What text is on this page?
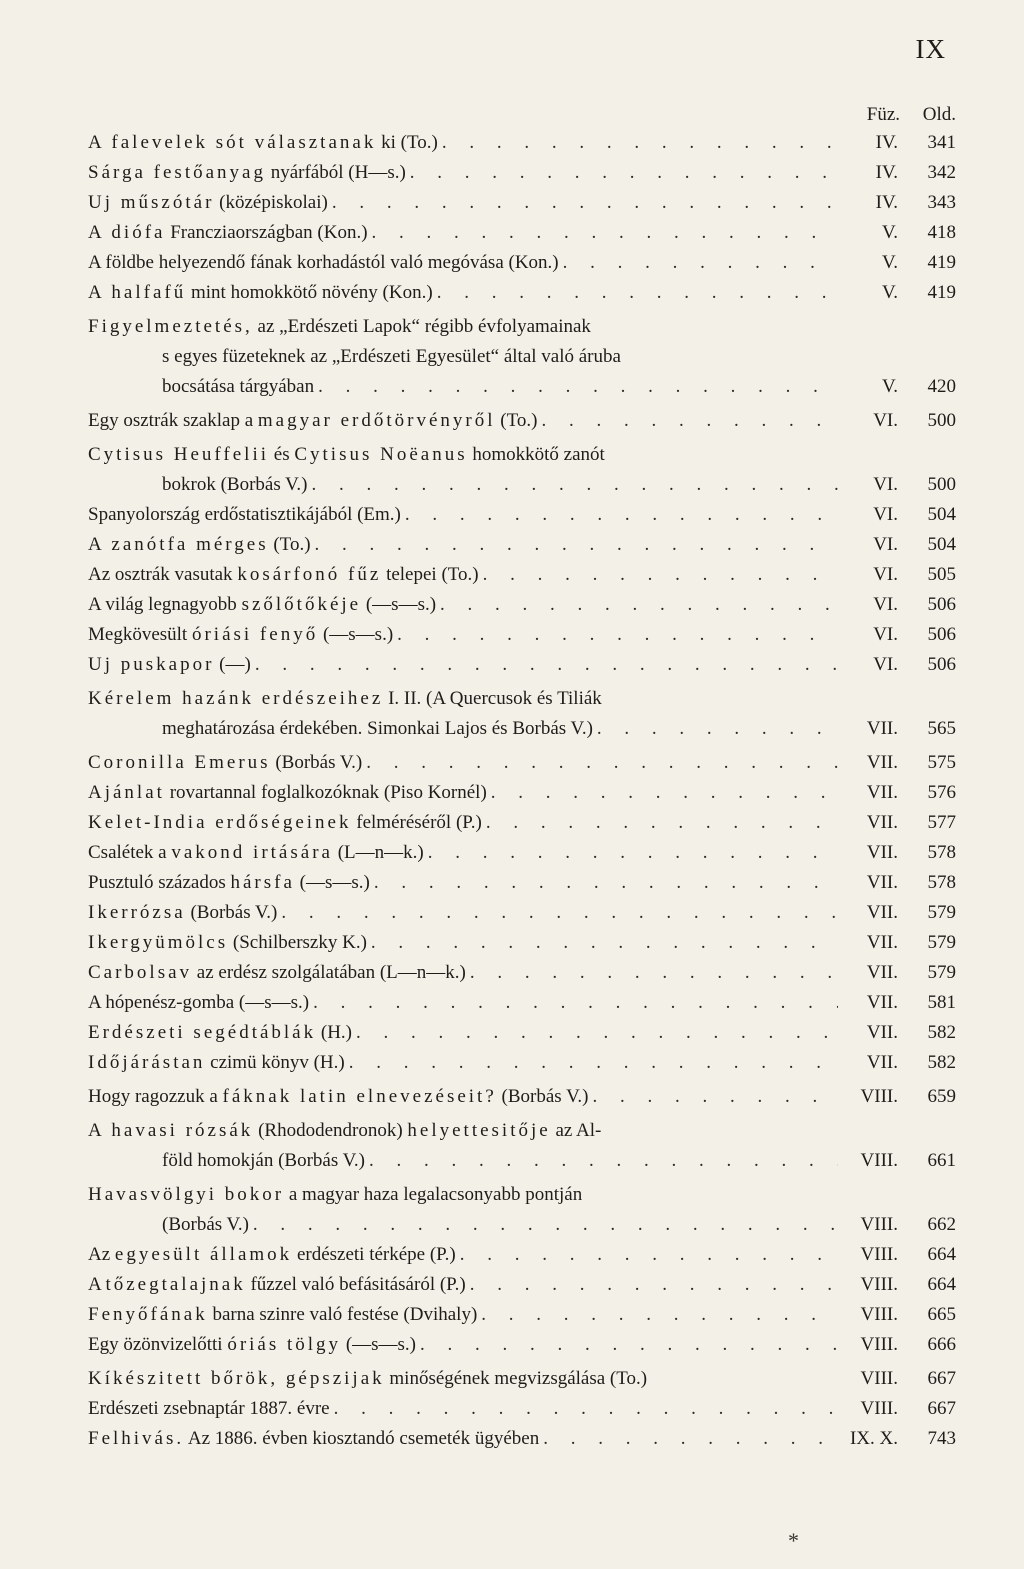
IX
Füz.	Old.
A falevelek sót választanak ki (To.) . . .	IV.	341
Sárga festőanyag nyárfából (H—s.) . . .	IV.	342
Uj műszótár (középiskolai) . . .	IV.	343
A diófa Francziaországban (Kon.) . . .	V.	418
A földbe helyezendő fának korhadástól való megóvása (Kon.) . . .	V.	419
A halfafű mint homokkötő növény (Kon.) . . .	V.	419
Figyelmeztetés, az „Erdészeti Lapok“ régibb évfolyamainak
s egyes füzeteknek az „Erdészeti Egyesület“ által való áruba
bocsátása tárgyában . . .	V.	420
Egy osztrák szaklap a magyar erdőtörvényről (To.) . . .	VI.	500
Cytisus Heuffelii és Cytisus Noëanus homokkötő zanót
bokrok (Borbás V.) . . .	VI.	500
Spanyolország erdőstatisztikájából (Em.) . . .	VI.	504
A zanótfa mérges (To.) . . .	VI.	504
Az osztrák vasutak kosárfonó fűz telepei (To.) . . .	VI.	505
A világ legnagyobb szőlőtőkéje (—s—s.) . . .	VI.	506
Megkövesült óriási fenyő (—s—s.) . . .	VI.	506
Uj puskapor (—) . . .	VI.	506
Kérelem hazánk erdészeihez I. II. (A Quercusok és Tiliák
meghatározása érdekében. Simonkai Lajos és Borbás V.) . . .	VII.	565
Coronilla Emerus (Borbás V.) . . .	VII.	575
Ajánlat rovartannal foglalkozóknak (Piso Kornél) . . .	VII.	576
Kelet-India erdőségeinek felméréséről (P.) . . .	VII.	577
Csalétek a vakond irtására (L—n—k.) . . .	VII.	578
Pusztuló százados hársfa (—s—s.) . . .	VII.	578
Ikerrózsa (Borbás V.) . . .	VII.	579
Ikergyümölcs (Schilberszky K.) . . .	VII.	579
Carbolsav az erdész szolgálatában (L—n—k.) . . .	VII.	579
A hópenész-gomba (—s—s.) . . .	VII.	581
Erdészeti segédtáblák (H.) . . .	VII.	582
Időjárástan czimü könyv (H.) . . .	VII.	582
Hogy ragozzuk a fáknak latin elnevezéseit? (Borbás V.) . . .	VIII.	659
A havasi rózsák (Rhododendronok) helyettesitője az Al-
föld homokján (Borbás V.) . . .	VIII.	661
Havasvölgyi bokor a magyar haza legalacsonyabb pontján
(Borbás V.) . . .	VIII.	662
Az egyesült államok erdészeti térképe (P.) . . .	VIII.	664
A tőzegtalajnak fűzzel való befásitásáról (P.) . . .	VIII.	664
Fenyőfának barna szinre való festése (Dvihaly) . . .	VIII.	665
Egy özönvizelőtti óriás tölgy (—s—s.) . . .	VIII.	666
Kíkészitett bőrök, gépszijak minőségének megvizsgálása (To.)	VIII.	667
Erdészeti zsebnaptár 1887. évre . . .	VIII.	667
Felhivás. Az 1886. évben kiosztandó csemeték ügyében . . .	IX. X.	743
*
